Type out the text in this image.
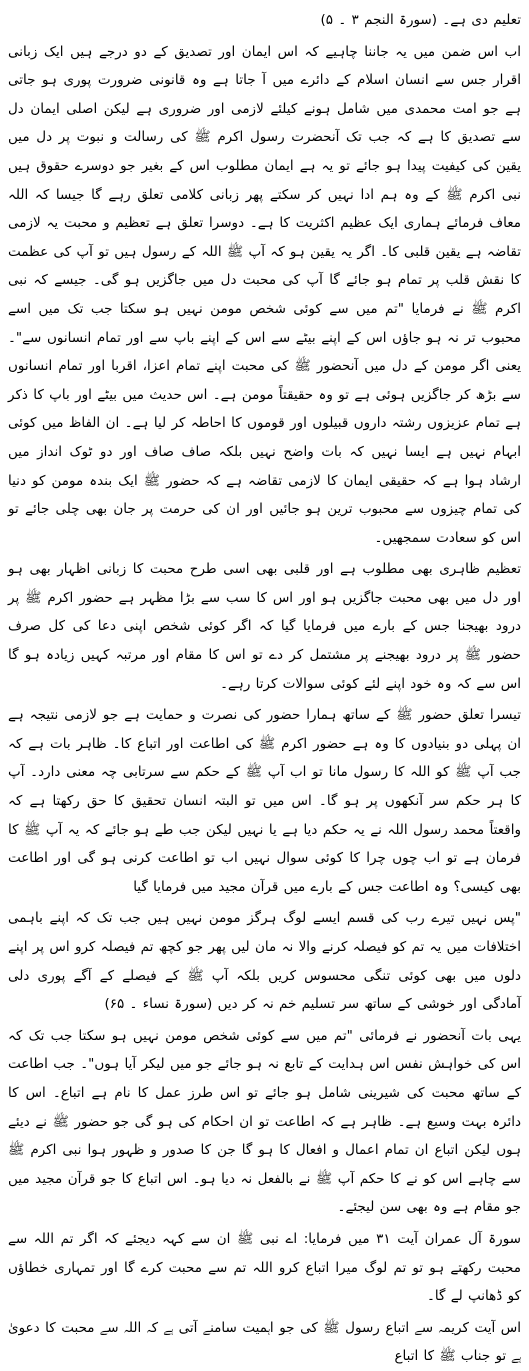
تعلیم دی ہے۔ (سورۃ النجم ۳ ۔ ۵)

اب اس ضمن میں یہ جاننا چاہیے کہ اس ایمان اور تصدیق کے دو درجے ہیں ایک زبانی اقرار جس سے انسان اسلام کے دائرے میں آ جاتا ہے وہ قانونی ضرورت پوری ہو جاتی ہے جو امت محمدی میں شامل ہونے کیلئے لازمی اور ضروری ہے لیکن اصلی ایمان دل سے تصدیق کا ہے کہ جب تک آنحضرت رسول اکرم ﷺ کی رسالت و نبوت پر دل میں یقین کی کیفیت پیدا ہو جائے تو یہ ہے ایمان مطلوب اس کے بغیر جو دوسرے حقوق ہیں نبی اکرم ﷺ کے وہ ہم ادا نہیں کر سکتے پھر زبانی کلامی تعلق رہے گا جیسا کہ اللہ معاف فرمائے ہماری ایک عظیم اکثریت کا ہے۔ دوسرا تعلق ہے تعظیم و محبت یہ لازمی تقاضہ ہے یقین قلبی کا۔ اگر یہ یقین ہو کہ آپ ﷺ اللہ کے رسول ہیں تو آپ کی عظمت کا نقش قلب پر تمام ہو جائے گا آپ کی محبت دل میں جاگزیں ہو گی۔ جیسے کہ نبی اکرم ﷺ نے فرمایا "تم میں سے کوئی شخص مومن نہیں ہو سکتا جب تک میں اسے محبوب تر نہ ہو جاؤں اس کے اپنے بیٹے سے اس کے اپنے باپ سے اور تمام انسانوں سے"۔ یعنی اگر مومن کے دل میں آنحضور ﷺ کی محبت اپنے تمام اعزا، اقربا اور تمام انسانوں سے بڑھ کر جاگزیں ہوئی ہے تو وہ حقیقتاً مومن ہے۔ اس حدیث میں بیٹے اور باپ کا ذکر ہے تمام عزیزوں رشتہ داروں قبیلوں اور قوموں کا احاطہ کر لیا ہے۔ ان الفاظ میں کوئی ابہام نہیں ہے ایسا نہیں کہ بات واضح نہیں بلکہ صاف صاف اور دو ٹوک انداز میں ارشاد ہوا ہے کہ حقیقی ایمان کا لازمی تقاضہ ہے کہ حضور ﷺ ایک بندہ مومن کو دنیا کی تمام چیزوں سے محبوب ترین ہو جائیں اور ان کی حرمت پر جان بھی چلی جائے تو اس کو سعادت سمجھیں۔

تعظیم ظاہری بھی مطلوب ہے اور قلبی بھی اسی طرح محبت کا زبانی اظہار بھی ہو اور دل میں بھی محبت جاگزیں ہو اور اس کا سب سے بڑا مظہر ہے حضور اکرم ﷺ پر درود بھیجنا جس کے بارے میں فرمایا گیا کہ اگر کوئی شخص اپنی دعا کی کل صرف حضور ﷺ پر درود بھیجنے پر مشتمل کر دے تو اس کا مقام اور مرتبہ کہیں زیادہ ہو گا اس سے کہ وہ خود اپنے لئے کوئی سوالات کرتا رہے۔

تیسرا تعلق حضور ﷺ کے ساتھ ہمارا حضور کی نصرت و حمایت ہے جو لازمی نتیجہ ہے ان پہلی دو بنیادوں کا وہ ہے حضور اکرم ﷺ کی اطاعت اور اتباع کا۔ ظاہر بات ہے کہ جب آپ ﷺ کو اللہ کا رسول مانا تو اب آپ ﷺ کے حکم سے سرتابی چہ معنی دارد۔ آپ کا ہر حکم سر آنکھوں پر ہو گا۔ اس میں تو البتہ انسان تحقیق کا حق رکھتا ہے کہ واقعتاً محمد رسول اللہ نے یہ حکم دیا ہے یا نہیں لیکن جب طے ہو جائے کہ یہ آپ ﷺ کا فرمان ہے تو اب چوں چرا کا کوئی سوال نہیں اب تو اطاعت کرنی ہو گی اور اطاعت بھی کیسی؟ وہ اطاعت جس کے بارے میں قرآن مجید میں فرمایا گیا

"پس نہیں تیرے رب کی قسم ایسے لوگ ہرگز مومن نہیں ہیں جب تک کہ اپنے باہمی اختلافات میں یہ تم کو فیصلہ کرنے والا نہ مان لیں پھر جو کچھ تم فیصلہ کرو اس پر اپنے دلوں میں بھی کوئی تنگی محسوس کریں بلکہ آپ ﷺ کے فیصلے کے آگے پوری دلی آمادگی اور خوشی کے ساتھ سر تسلیم خم نہ کر دیں (سورۃ نساء ۔ ۶۵)

یہی بات آنحضور نے فرمائی "تم میں سے کوئی شخص مومن نہیں ہو سکتا جب تک کہ اس کی خواہش نفس اس ہدایت کے تابع نہ ہو جائے جو میں لیکر آیا ہوں"۔ جب اطاعت کے ساتھ محبت کی شیرینی شامل ہو جائے تو اس طرز عمل کا نام ہے اتباع۔ اس کا دائرہ بہت وسیع ہے۔ ظاہر ہے کہ اطاعت تو ان احکام کی ہو گی جو حضور ﷺ نے دیئے ہوں لیکن اتباع ان تمام اعمال و افعال کا ہو گا جن کا صدور و ظہور ہوا نبی اکرم ﷺ سے چاہے اس کو نے کا حکم آپ ﷺ نے بالفعل نہ دیا ہو۔ اس اتباع کا جو قرآن مجید میں جو مقام ہے وہ بھی سن لیجئے۔

سورۃ آل عمران آیت ۳۱ میں فرمایا: اے نبی ﷺ ان سے کہہ دیجئے کہ اگر تم اللہ سے محبت رکھتے ہو تو تم لوگ میرا اتباع کرو اللہ تم سے محبت کرے گا اور تمہاری خطاؤں کو ڈھانپ لے گا۔

اس آیت کریمہ سے اتباع رسول ﷺ کی جو اہمیت سامنے آتی ہے کہ اللہ سے محبت کا دعویٰ ہے تو جناب ﷺ کا اتباع
